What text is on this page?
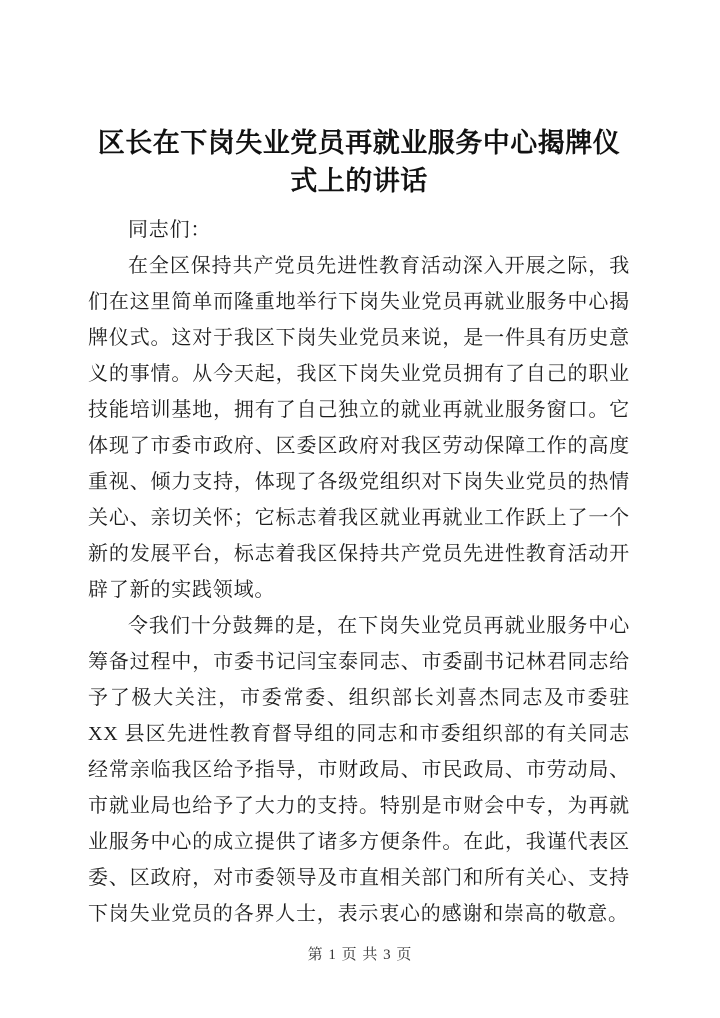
区长在下岗失业党员再就业服务中心揭牌仪式上的讲话

同志们：

在全区保持共产党员先进性教育活动深入开展之际，我们在这里简单而隆重地举行下岗失业党员再就业服务中心揭牌仪式。这对于我区下岗失业党员来说，是一件具有历史意义的事情。从今天起，我区下岗失业党员拥有了自己的职业技能培训基地，拥有了自己独立的就业再就业服务窗口。它体现了市委市政府、区委区政府对我区劳动保障工作的高度重视、倾力支持，体现了各级党组织对下岗失业党员的热情关心、亲切关怀；它标志着我区就业再就业工作跃上了一个新的发展平台，标志着我区保持共产党员先进性教育活动开辟了新的实践领域。

令我们十分鼓舞的是，在下岗失业党员再就业服务中心筹备过程中，市委书记闫宝泰同志、市委副书记林君同志给予了极大关注，市委常委、组织部长刘喜杰同志及市委驻 XX 县区先进性教育督导组的同志和市委组织部的有关同志经常亲临我区给予指导，市财政局、市民政局、市劳动局、市就业局也给予了大力的支持。特别是市财会中专，为再就业服务中心的成立提供了诸多方便条件。在此，我谨代表区委、区政府，对市委领导及市直相关部门和所有关心、支持下岗失业党员的各界人士，表示衷心的感谢和崇高的敬意。

第 1 页 共 3 页
